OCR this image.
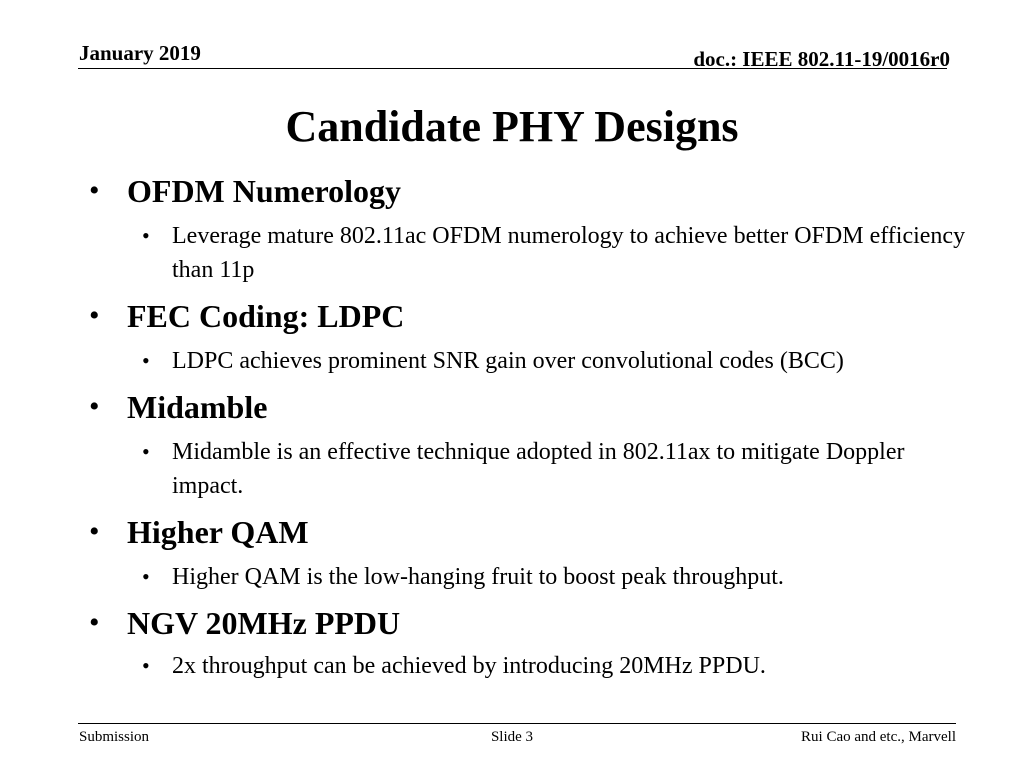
January 2019	doc.: IEEE 802.11-19/0016r0
Candidate PHY Designs
• OFDM Numerology
• Leverage mature 802.11ac OFDM numerology to achieve better OFDM efficiency than 11p
• FEC Coding: LDPC
• LDPC achieves prominent SNR gain over convolutional codes (BCC)
• Midamble
• Midamble is an effective technique adopted in 802.11ax to mitigate Doppler impact.
• Higher QAM
• Higher QAM is the low-hanging fruit to boost peak throughput.
• NGV 20MHz PPDU
• 2x throughput can be achieved by introducing 20MHz PPDU.
Submission	Slide 3	Rui Cao and etc., Marvell
